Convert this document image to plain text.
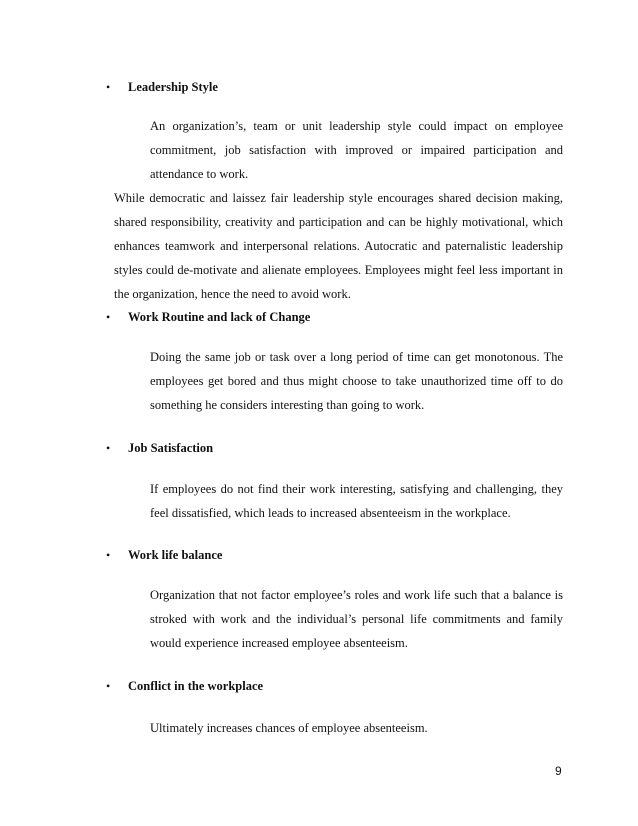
• Leadership Style
An organization’s, team or unit leadership style could impact on employee commitment, job satisfaction with improved or impaired participation and attendance to work.
While democratic and laissez fair leadership style encourages shared decision making, shared responsibility, creativity and participation and can be highly motivational, which enhances teamwork and interpersonal relations. Autocratic and paternalistic leadership styles could de-motivate and alienate employees. Employees might feel less important in the organization, hence the need to avoid work.
• Work Routine and lack of Change
Doing the same job or task over a long period of time can get monotonous. The employees get bored and thus might choose to take unauthorized time off to do something he considers interesting than going to work.
• Job Satisfaction
If employees do not find their work interesting, satisfying and challenging, they feel dissatisfied, which leads to increased absenteeism in the workplace.
• Work life balance
Organization that not factor employee’s roles and work life such that a balance is stroked with work and the individual’s personal life commitments and family would experience increased employee absenteeism.
• Conflict in the workplace
Ultimately increases chances of employee absenteeism.
9
